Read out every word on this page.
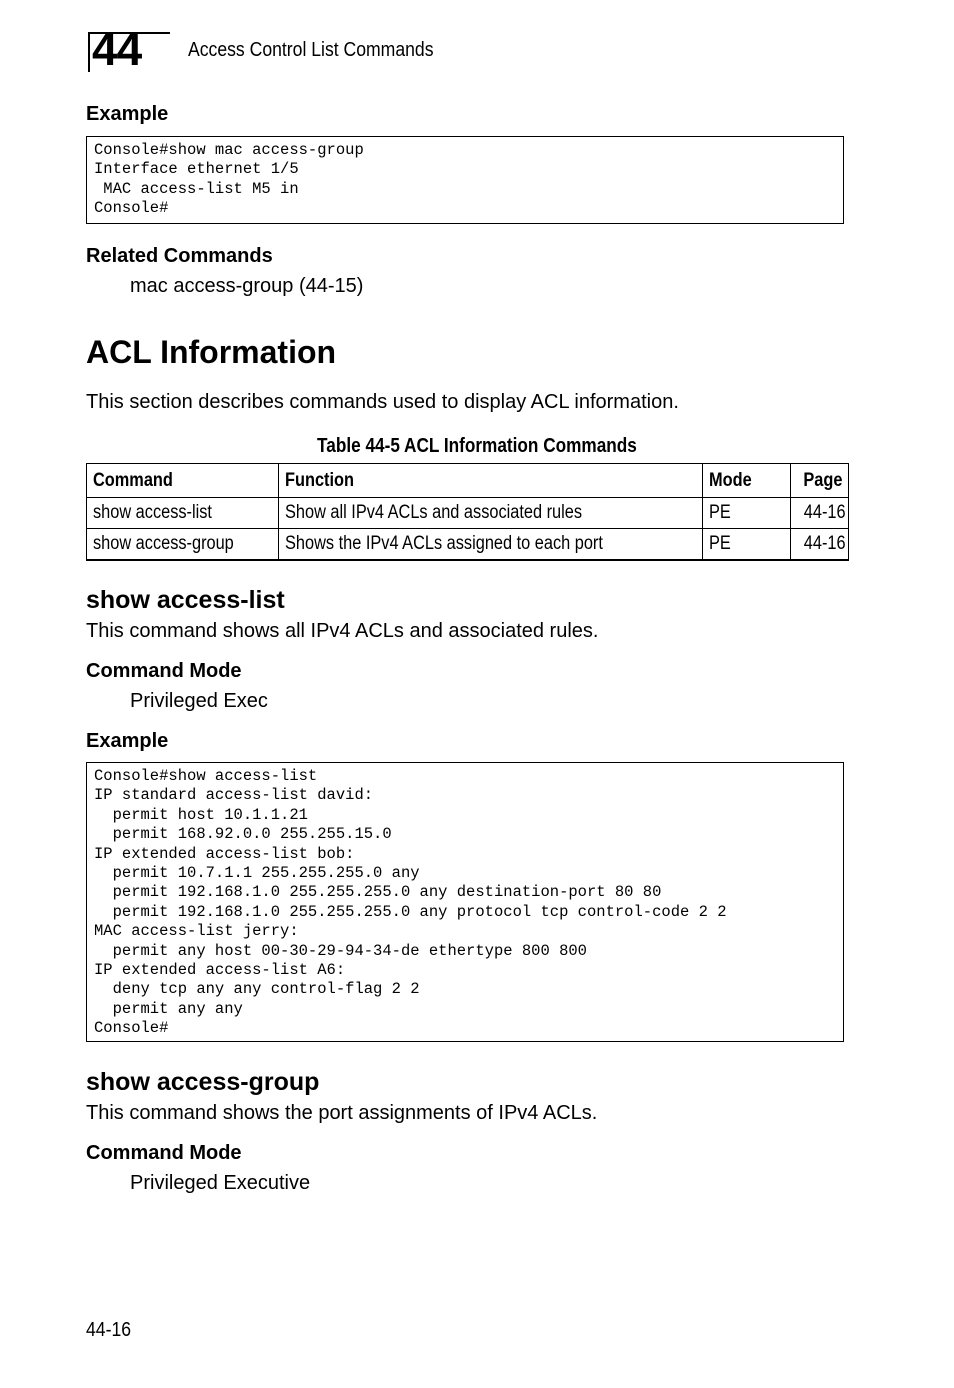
44 Access Control List Commands
Example
Console#show mac access-group
Interface ethernet 1/5
MAC access-list M5 in
Console#
Related Commands
mac access-group (44-15)
ACL Information
This section describes commands used to display ACL information.
Table 44-5 ACL Information Commands
Command	Function	Mode	Page
show access-list	Show all IPv4 ACLs and associated rules	PE	44-16
show access-group	Shows the IPv4 ACLs assigned to each port	PE	44-16
show access-list
This command shows all IPv4 ACLs and associated rules.
Command Mode
Privileged Exec
Example
Console#show access-list
IP standard access-list david:
permit host 10.1.1.21
permit 168.92.0.0 255.255.15.0
IP extended access-list bob:
permit 10.7.1.1 255.255.255.0 any
permit 192.168.1.0 255.255.255.0 any destination-port 80 80
permit 192.168.1.0 255.255.255.0 any protocol tcp control-code 2 2
MAC access-list jerry:
permit any host 00-30-29-94-34-de ethertype 800 800
IP extended access-list A6:
deny tcp any any control-flag 2 2
permit any any
Console#
show access-group
This command shows the port assignments of IPv4 ACLs.
Command Mode
Privileged Executive
44-16
